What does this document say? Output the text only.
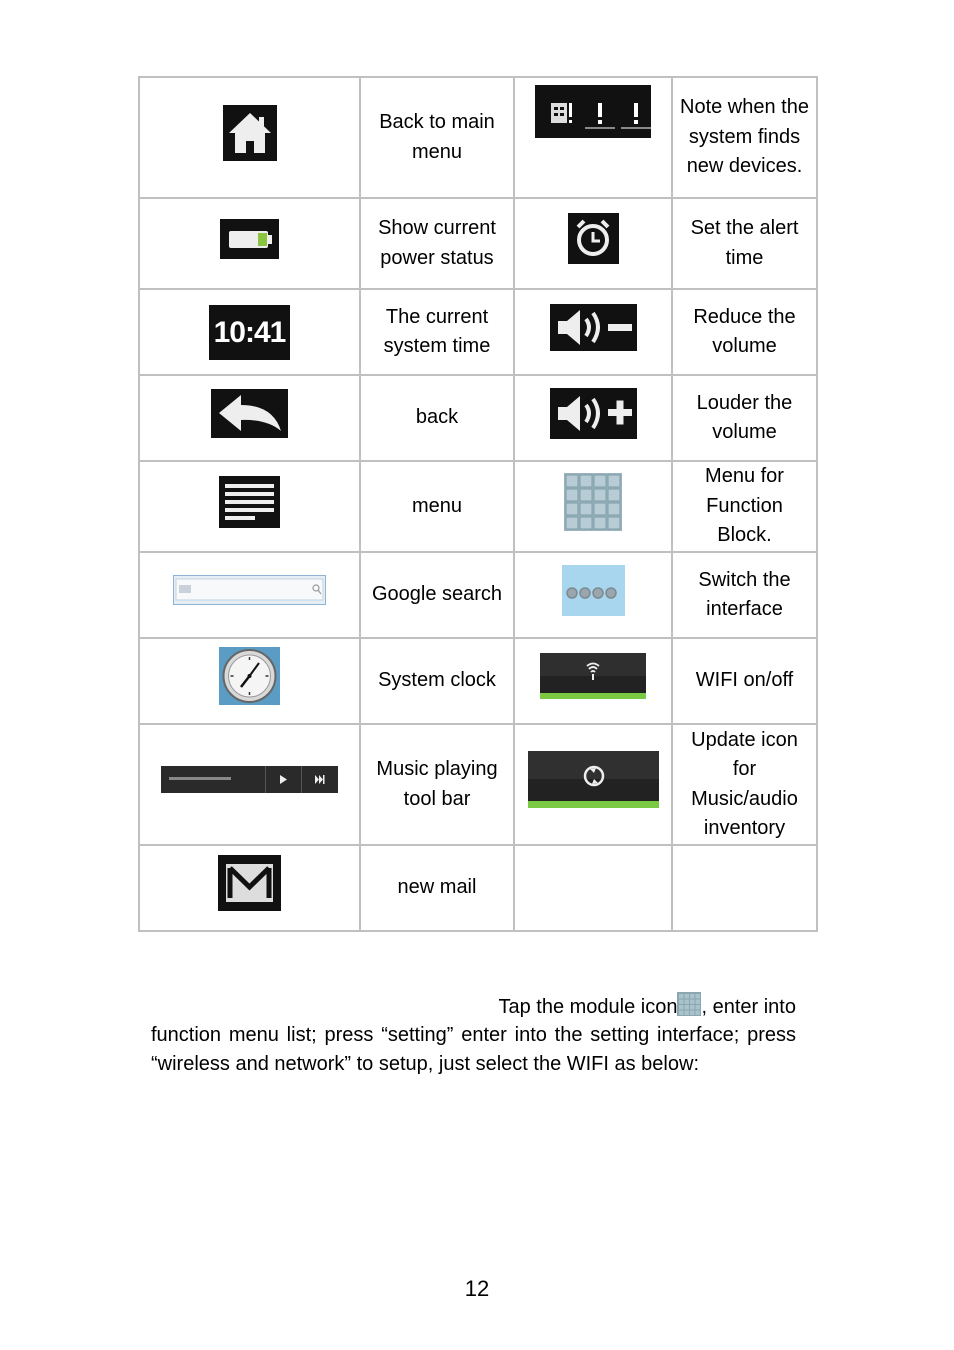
	Back to main menu		Note when the system finds new devices.
	Show current power status		Set the alert time
10:41	The current system time		Reduce the volume
	back		Louder the volume
	menu		Menu for Function Block.
	Google search		Switch the interface
	System clock		WIFI on/off
	Music playing tool bar		Update icon for Music/audio inventory
	new mail		
Tap the module icon , enter into
function menu list; press “setting” enter into the setting interface; press “wireless and network” to setup, just select the WIFI as below:
12
